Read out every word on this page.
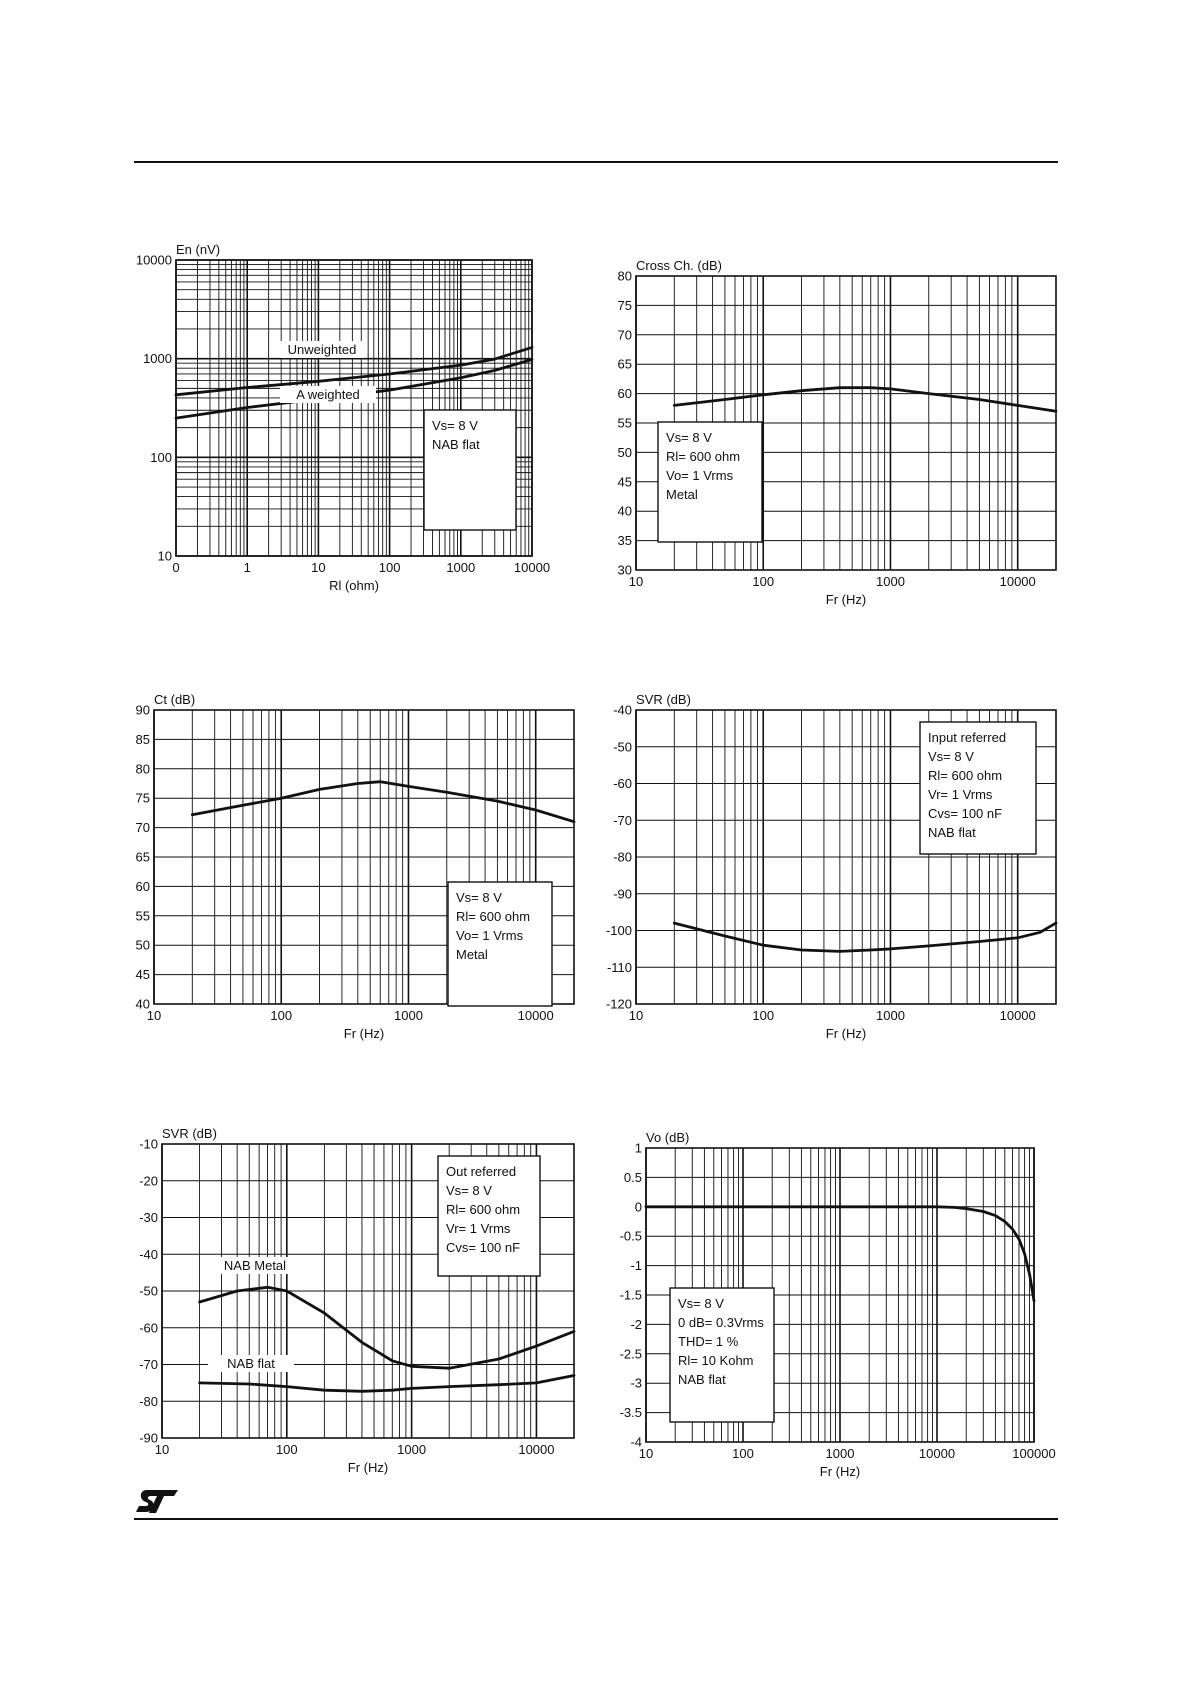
0	1	10	100	1000	10000
10
100
1000
10000
Rl (ohm)
En (nV)
Unweighted
A weighted
Vs= 8 V
NAB flat
10	100	1000	10000
30
35
40
45
50
55
60
65
70
75
80
Fr (Hz)
Cross Ch. (dB)
Vs= 8 V
Rl= 600 ohm
Vo= 1 Vrms
Metal
10	100	1000	10000
40
45
50
55
60
65
70
75
80
85
90
Fr (Hz)
Ct (dB)
Vs= 8 V
Rl= 600 ohm
Vo= 1 Vrms
Metal
10	100	1000	10000
-120
-110
-100
-90
-80
-70
-60
-50
-40
Fr (Hz)
SVR (dB)
Input referred
Vs= 8 V
Rl= 600 ohm
Vr= 1 Vrms
Cvs= 100 nF
NAB flat
10	100	1000	10000
-90
-80
-70
-60
-50
-40
-30
-20
-10
Fr (Hz)
SVR (dB)
NAB Metal
NAB flat
Out referred
Vs= 8 V
Rl= 600 ohm
Vr= 1 Vrms
Cvs= 100 nF
10	100	1000	10000	100000
-4
-3.5
-3
-2.5
-2
-1.5
-1
-0.5
0
0.5
1
Fr (Hz)
Vo (dB)
Vs= 8 V
0 dB= 0.3Vrms
THD= 1 %
Rl= 10 Kohm
NAB flat
